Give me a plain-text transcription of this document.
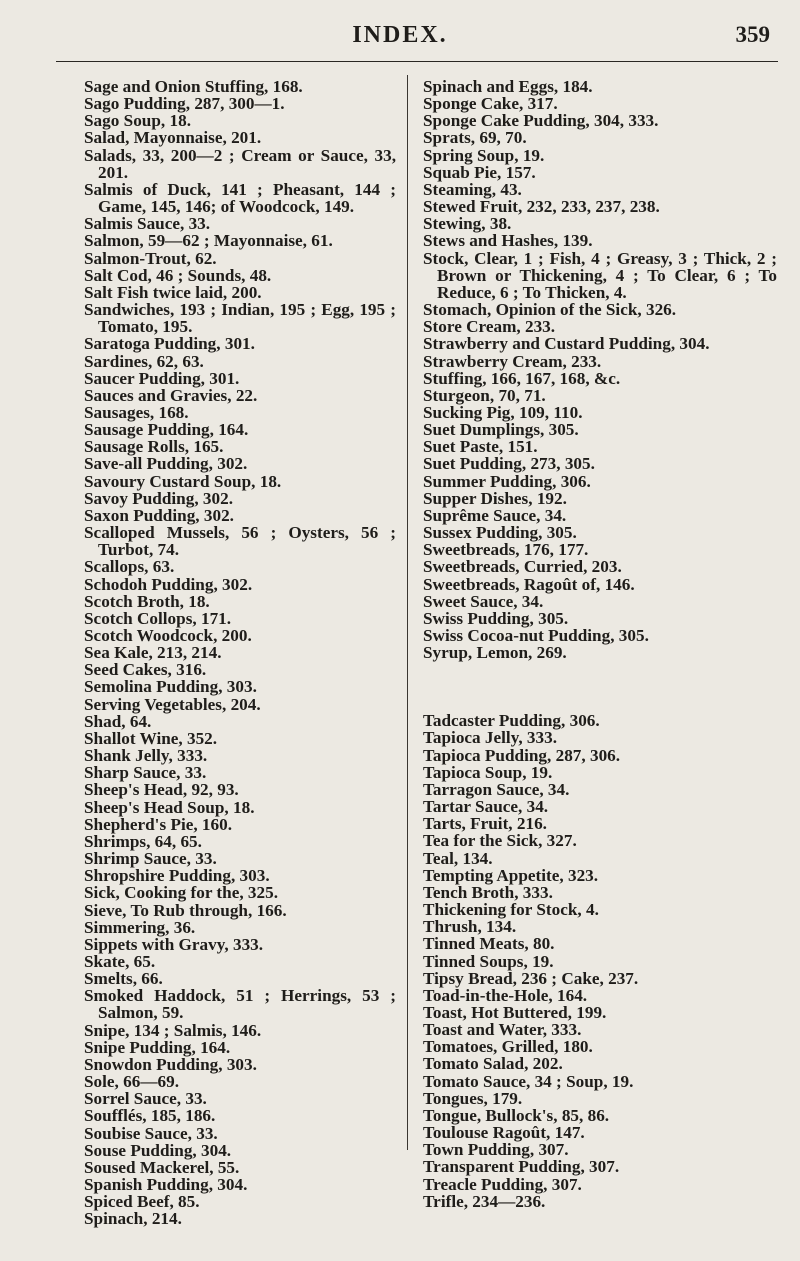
INDEX.	359
Sage and Onion Stuffing, 168.
Sago Pudding, 287, 300—1.
Sago Soup, 18.
Salad, Mayonnaise, 201.
Salads, 33, 200—2 ; Cream or Sauce, 33, 201.
Salmis of Duck, 141 ; Pheasant, 144 ; Game, 145, 146; of Woodcock, 149.
Salmis Sauce, 33.
Salmon, 59—62 ; Mayonnaise, 61.
Salmon-Trout, 62.
Salt Cod, 46 ; Sounds, 48.
Salt Fish twice laid, 200.
Sandwiches, 193 ; Indian, 195 ; Egg, 195 ; Tomato, 195.
Saratoga Pudding, 301.
Sardines, 62, 63.
Saucer Pudding, 301.
Sauces and Gravies, 22.
Sausages, 168.
Sausage Pudding, 164.
Sausage Rolls, 165.
Save-all Pudding, 302.
Savoury Custard Soup, 18.
Savoy Pudding, 302.
Saxon Pudding, 302.
Scalloped Mussels, 56 ; Oysters, 56 ; Turbot, 74.
Scallops, 63.
Schodoh Pudding, 302.
Scotch Broth, 18.
Scotch Collops, 171.
Scotch Woodcock, 200.
Sea Kale, 213, 214.
Seed Cakes, 316.
Semolina Pudding, 303.
Serving Vegetables, 204.
Shad, 64.
Shallot Wine, 352.
Shank Jelly, 333.
Sharp Sauce, 33.
Sheep's Head, 92, 93.
Sheep's Head Soup, 18.
Shepherd's Pie, 160.
Shrimps, 64, 65.
Shrimp Sauce, 33.
Shropshire Pudding, 303.
Sick, Cooking for the, 325.
Sieve, To Rub through, 166.
Simmering, 36.
Sippets with Gravy, 333.
Skate, 65.
Smelts, 66.
Smoked Haddock, 51 ; Herrings, 53 ; Salmon, 59.
Snipe, 134 ; Salmis, 146.
Snipe Pudding, 164.
Snowdon Pudding, 303.
Sole, 66—69.
Sorrel Sauce, 33.
Soufflés, 185, 186.
Soubise Sauce, 33.
Souse Pudding, 304.
Soused Mackerel, 55.
Spanish Pudding, 304.
Spiced Beef, 85.
Spinach, 214.
Spinach and Eggs, 184.
Sponge Cake, 317.
Sponge Cake Pudding, 304, 333.
Sprats, 69, 70.
Spring Soup, 19.
Squab Pie, 157.
Steaming, 43.
Stewed Fruit, 232, 233, 237, 238.
Stewing, 38.
Stews and Hashes, 139.
Stock, Clear, 1 ; Fish, 4 ; Greasy, 3 ; Thick, 2 ; Brown or Thickening, 4 ; To Clear, 6 ; To Reduce, 6 ; To Thicken, 4.
Stomach, Opinion of the Sick, 326.
Store Cream, 233.
Strawberry and Custard Pudding, 304.
Strawberry Cream, 233.
Stuffing, 166, 167, 168, &c.
Sturgeon, 70, 71.
Sucking Pig, 109, 110.
Suet Dumplings, 305.
Suet Paste, 151.
Suet Pudding, 273, 305.
Summer Pudding, 306.
Supper Dishes, 192.
Suprême Sauce, 34.
Sussex Pudding, 305.
Sweetbreads, 176, 177.
Sweetbreads, Curried, 203.
Sweetbreads, Ragoût of, 146.
Sweet Sauce, 34.
Swiss Pudding, 305.
Swiss Cocoa-nut Pudding, 305.
Syrup, Lemon, 269.
Tadcaster Pudding, 306.
Tapioca Jelly, 333.
Tapioca Pudding, 287, 306.
Tapioca Soup, 19.
Tarragon Sauce, 34.
Tartar Sauce, 34.
Tarts, Fruit, 216.
Tea for the Sick, 327.
Teal, 134.
Tempting Appetite, 323.
Tench Broth, 333.
Thickening for Stock, 4.
Thrush, 134.
Tinned Meats, 80.
Tinned Soups, 19.
Tipsy Bread, 236 ; Cake, 237.
Toad-in-the-Hole, 164.
Toast, Hot Buttered, 199.
Toast and Water, 333.
Tomatoes, Grilled, 180.
Tomato Salad, 202.
Tomato Sauce, 34 ; Soup, 19.
Tongues, 179.
Tongue, Bullock's, 85, 86.
Toulouse Ragoût, 147.
Town Pudding, 307.
Transparent Pudding, 307.
Treacle Pudding, 307.
Trifle, 234—236.
